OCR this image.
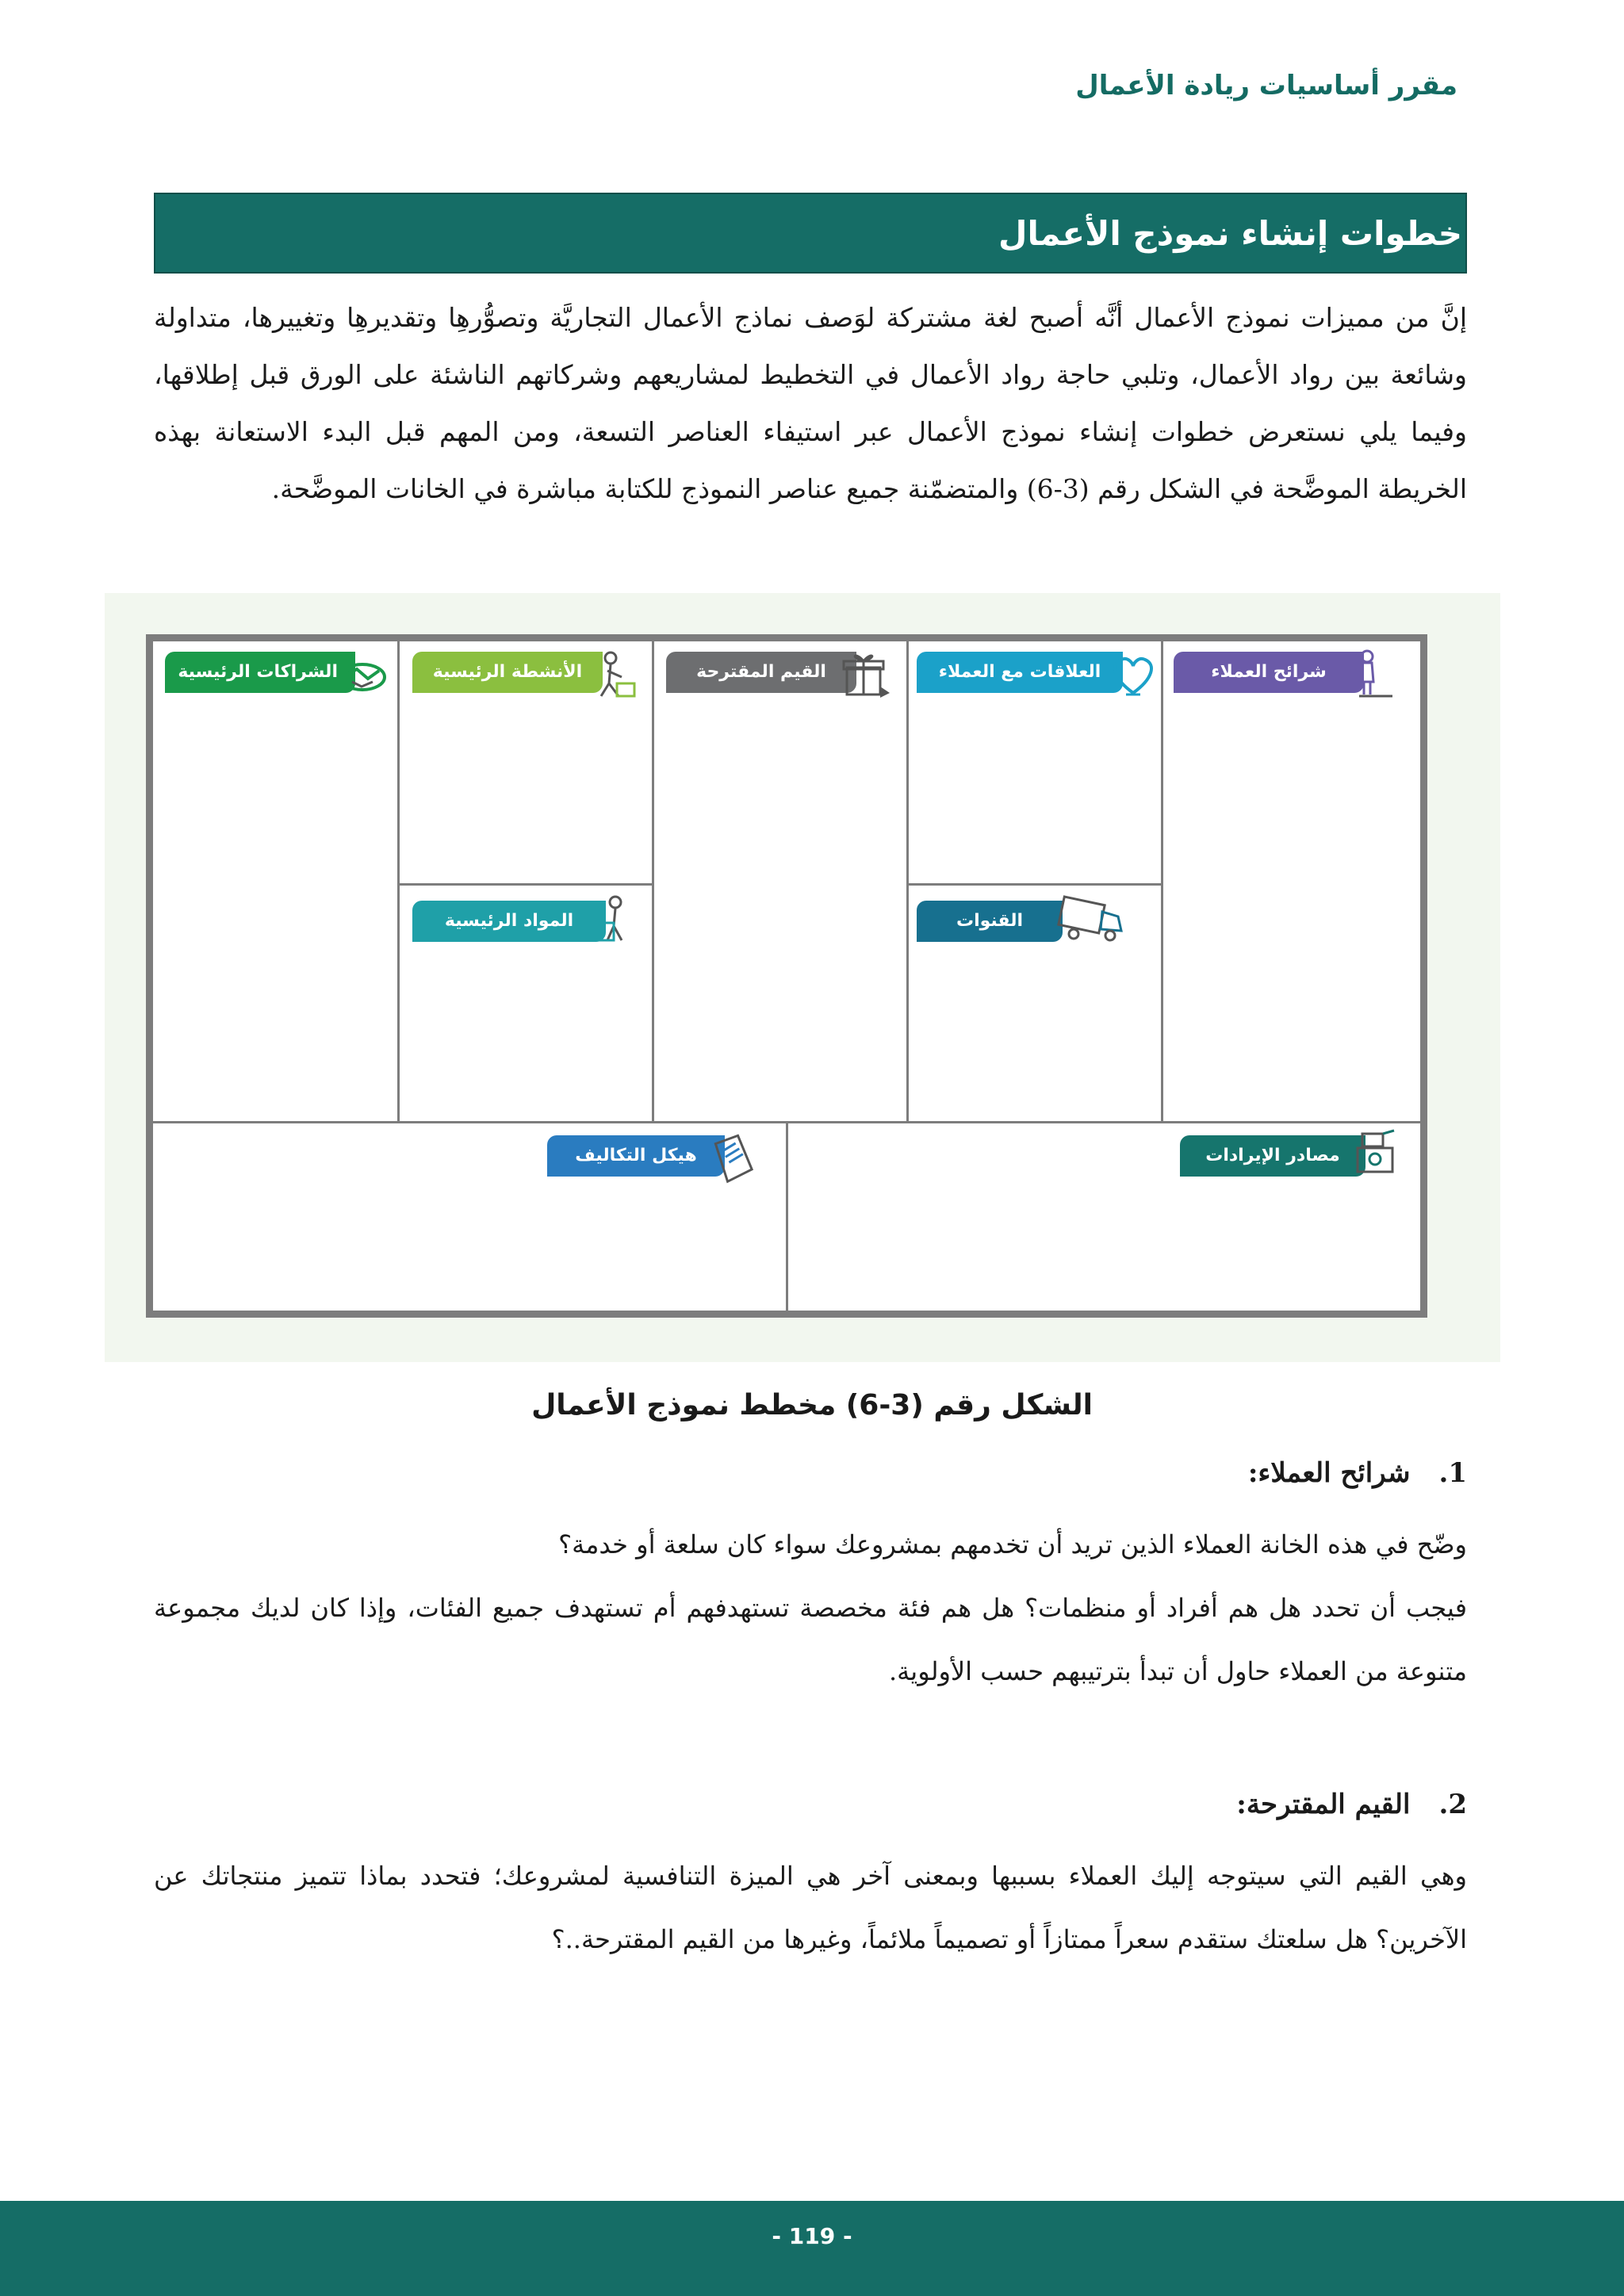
مقرر أساسيات ريادة الأعمال
خطوات إنشاء نموذج الأعمال
إنَّ من مميزات نموذج الأعمال أنَّه أصبح لغة مشتركة لوَصف نماذج الأعمال التجاريَّة وتصوُّرهِا وتقديرهِا وتغييرها، متداولة وشائعة بين رواد الأعمال، وتلبي حاجة رواد الأعمال في التخطيط لمشاريعهم وشركاتهم الناشئة على الورق قبل إطلاقها، وفيما يلي نستعرض خطوات إنشاء نموذج الأعمال عبر استيفاء العناصر التسعة، ومن المهم قبل البدء الاستعانة بهذه الخريطة الموضَّحة في الشكل رقم (3-6) والمتضمّنة جميع عناصر النموذج للكتابة مباشرة في الخانات الموضَّحة.
الشراكات الرئيسية	الأنشطة الرئيسية
المواد الرئيسية
القيم المقترحة	العلاقات مع العملاء
القنوات
شرائح العملاء
هيكل التكاليف	مصادر الإيرادات
الشكل رقم (3-6) مخطط نموذج الأعمال
1.شرائح العملاء:
وضّح في هذه الخانة العملاء الذين تريد أن تخدمهم بمشروعك سواء كان سلعة أو خدمة؟
فيجب أن تحدد هل هم أفراد أو منظمات؟ هل هم فئة مخصصة تستهدفهم أم تستهدف جميع الفئات، وإذا كان لديك مجموعة متنوعة من العملاء حاول أن تبدأ بترتيبهم حسب الأولوية.
2.القيم المقترحة:
وهي القيم التي سيتوجه إليك العملاء بسببها وبمعنى آخر هي الميزة التنافسية لمشروعك؛ فتحدد بماذا تتميز منتجاتك عن الآخرين؟ هل سلعتك ستقدم سعراً ممتازاً أو تصميماً ملائماً، وغيرها من القيم المقترحة..؟
- 119 -
